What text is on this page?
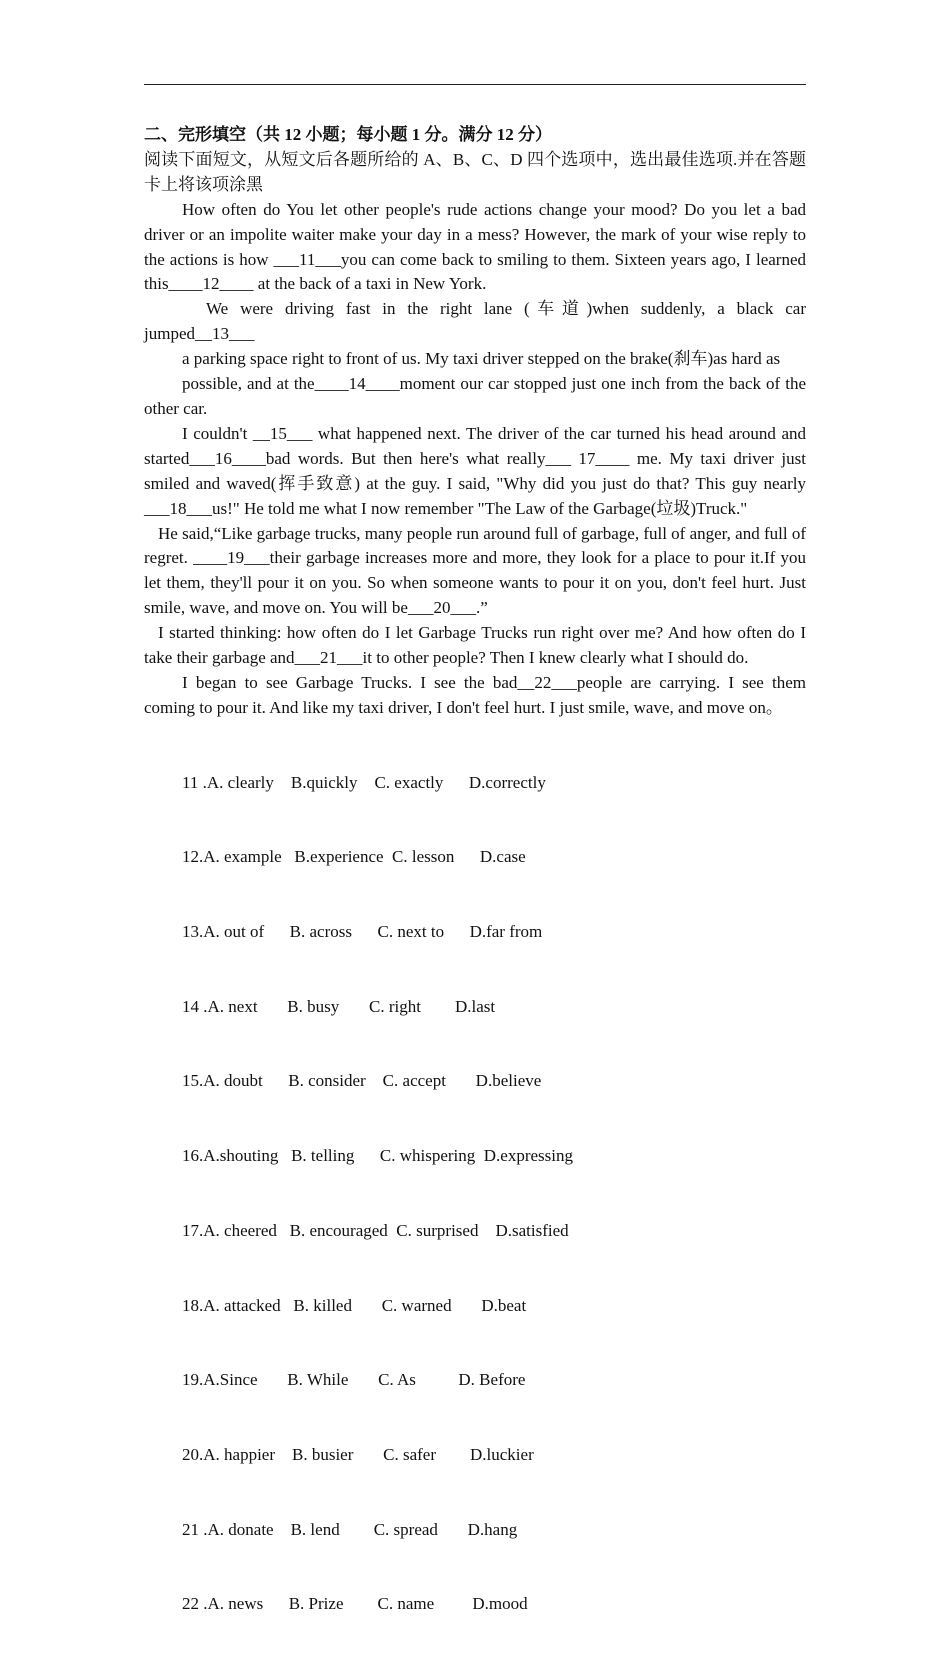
二、完形填空（共 12 小题；每小题 1 分。满分 12 分）

阅读下面短文，从短文后各题所给的 A、B、C、D 四个选项中，选出最佳选项.并在答题卡上将该项涂黑

How often do You let other people's rude actions change your mood? Do you let a bad driver or an impolite waiter make your day in a mess? However, the mark of your wise reply to the actions is how ___11___you can come back to smiling to them. Sixteen years ago, I learned this____12____ at the back of a taxi in New York.

We were driving fast in the right lane (车道)when suddenly, a black car jumped__13___

a parking space right to front of us. My taxi driver stepped on the brake(刹车)as hard as

possible, and at the____14____moment our car stopped just one inch from the back of the other car.

I couldn't __15___ what happened next. The driver of the car turned his head around and started___16____bad words. But then here's what really___ 17____ me. My taxi driver just smiled and waved(挥手致意) at the guy. I said, "Why did you just do that? This guy nearly ___18___us!" He told me what I now remember "The Law of the Garbage(垃圾)Truck."

He said,“Like garbage trucks, many people run around full of garbage, full of anger, and full of regret. ____19___their garbage increases more and more, they look for a place to pour it.If you let them, they'll pour it on you. So when someone wants to pour it on you, don't feel hurt. Just smile, wave, and move on. You will be___20___.”

I started thinking: how often do I let Garbage Trucks run right over me? And how often do I take their garbage and___21___it to other people? Then I knew clearly what I should do.

I began to see Garbage Trucks. I see the bad__22___people are carrying. I see them coming to pour it. And like my taxi driver, I don't feel hurt. I just smile, wave, and move on。

11 .A. clearly    B.quickly    C. exactly      D.correctly

12.A. example   B.experience  C. lesson      D.case

13.A. out of      B. across      C. next to      D.far from

14 .A. next       B. busy       C. right        D.last

15.A. doubt      B. consider    C. accept       D.believe

16.A.shouting   B. telling      C. whispering  D.expressing

17.A. cheered   B. encouraged  C. surprised    D.satisfied

18.A. attacked   B. killed       C. warned       D.beat

19.A.Since       B. While       C. As          D. Before

20.A. happier    B. busier       C. safer        D.luckier

21 .A. donate    B. lend        C. spread       D.hang

22 .A. news      B. Prize        C. name         D.mood
